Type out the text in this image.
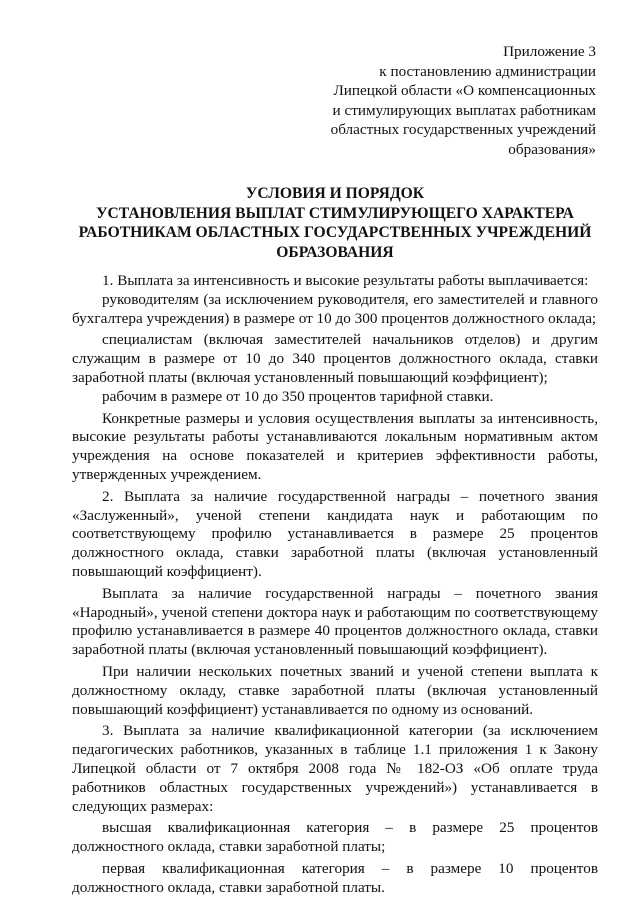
Приложение 3
к постановлению администрации
Липецкой области «О компенсационных
и стимулирующих выплатах работникам
областных государственных учреждений
образования»
УСЛОВИЯ И ПОРЯДОК
УСТАНОВЛЕНИЯ ВЫПЛАТ СТИМУЛИРУЮЩЕГО ХАРАКТЕРА
РАБОТНИКАМ ОБЛАСТНЫХ ГОСУДАРСТВЕННЫХ УЧРЕЖДЕНИЙ
ОБРАЗОВАНИЯ

1. Выплата за интенсивность и высокие результаты работы выплачивается:

руководителям (за исключением руководителя, его заместителей и главного бухгалтера учреждения) в размере от 10 до 300 процентов должностного оклада;

специалистам (включая заместителей начальников отделов) и другим служащим в размере от 10 до 340 процентов должностного оклада, ставки заработной платы (включая установленный повышающий коэффициент);

рабочим в размере от 10 до 350 процентов тарифной ставки.

Конкретные размеры и условия осуществления выплаты за интенсивность, высокие результаты работы устанавливаются локальным нормативным актом учреждения на основе показателей и критериев эффективности работы, утвержденных учреждением.

2. Выплата за наличие государственной награды – почетного звания «Заслуженный», ученой степени кандидата наук и работающим по соответствующему профилю устанавливается в размере 25 процентов должностного оклада, ставки заработной платы (включая установленный повышающий коэффициент).

Выплата за наличие государственной награды – почетного звания «Народный», ученой степени доктора наук и работающим по соответствующему профилю устанавливается в размере 40 процентов должностного оклада, ставки заработной платы (включая установленный повышающий коэффициент).

При наличии нескольких почетных званий и ученой степени выплата к должностному окладу, ставке заработной платы (включая установленный повышающий коэффициент) устанавливается по одному из оснований.

3. Выплата за наличие квалификационной категории (за исключением педагогических работников, указанных в таблице 1.1 приложения 1 к Закону Липецкой области от 7 октября 2008 года № 182-ОЗ «Об оплате труда работников областных государственных учреждений») устанавливается в следующих размерах:

высшая квалификационная категория – в размере 25 процентов должностного оклада, ставки заработной платы;

первая квалификационная категория – в размере 10 процентов должностного оклада, ставки заработной платы.
